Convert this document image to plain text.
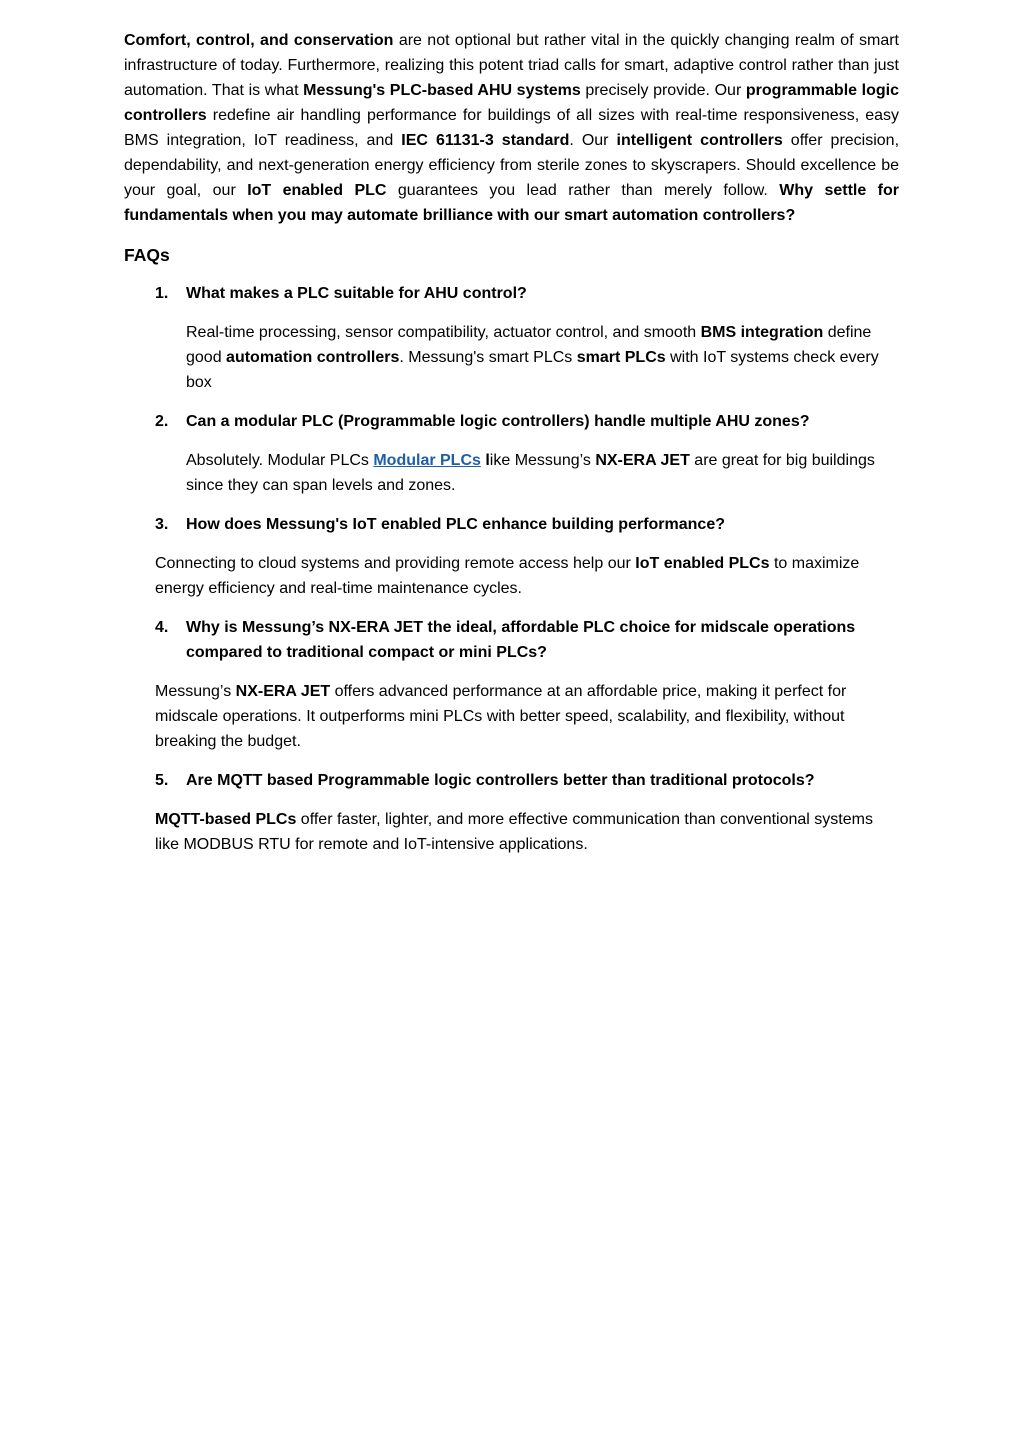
Comfort, control, and conservation are not optional but rather vital in the quickly changing realm of smart infrastructure of today. Furthermore, realizing this potent triad calls for smart, adaptive control rather than just automation. That is what Messung's PLC-based AHU systems precisely provide. Our programmable logic controllers redefine air handling performance for buildings of all sizes with real-time responsiveness, easy BMS integration, IoT readiness, and IEC 61131-3 standard. Our intelligent controllers offer precision, dependability, and next-generation energy efficiency from sterile zones to skyscrapers. Should excellence be your goal, our IoT enabled PLC guarantees you lead rather than merely follow. Why settle for fundamentals when you may automate brilliance with our smart automation controllers?

FAQs

1. What makes a PLC suitable for AHU control?

Real-time processing, sensor compatibility, actuator control, and smooth BMS integration define good automation controllers. Messung's smart PLCs smart PLCs with IoT systems check every box

2. Can a modular PLC (Programmable logic controllers) handle multiple AHU zones?

Absolutely. Modular PLCs Modular PLCs like Messung’s NX-ERA JET are great for big buildings since they can span levels and zones.

3. How does Messung's IoT enabled PLC enhance building performance?

Connecting to cloud systems and providing remote access help our IoT enabled PLCs to maximize energy efficiency and real-time maintenance cycles.

4. Why is Messung’s NX-ERA JET the ideal, affordable PLC choice for midscale operations compared to traditional compact or mini PLCs?

Messung’s NX-ERA JET offers advanced performance at an affordable price, making it perfect for midscale operations. It outperforms mini PLCs with better speed, scalability, and flexibility, without breaking the budget.

5. Are MQTT based Programmable logic controllers better than traditional protocols?

MQTT-based PLCs offer faster, lighter, and more effective communication than conventional systems like MODBUS RTU for remote and IoT-intensive applications.
